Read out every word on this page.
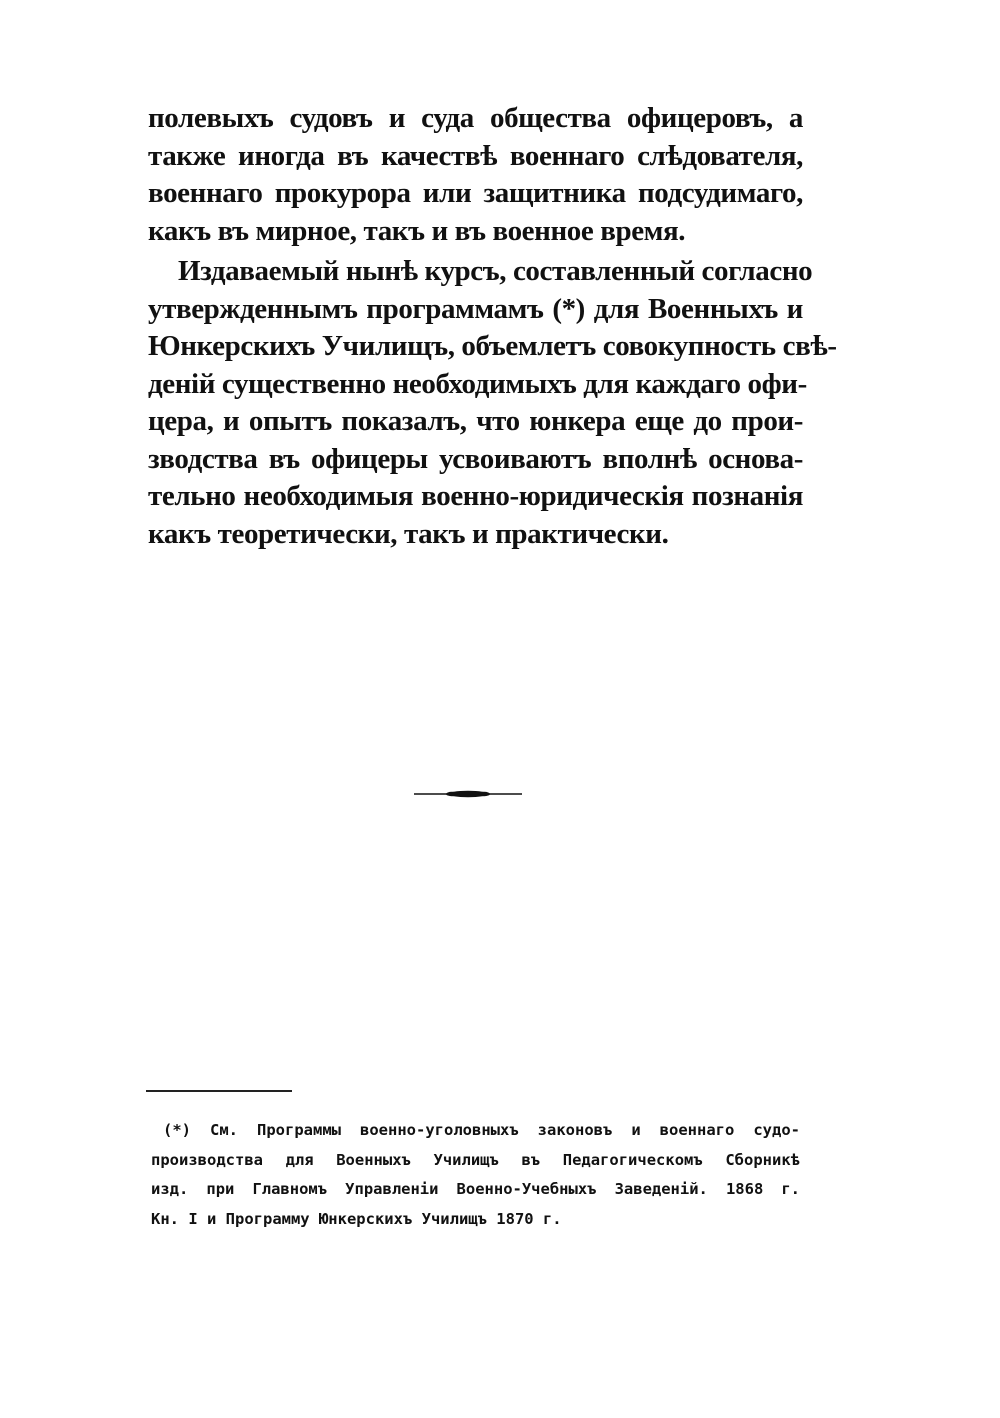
полевыхъ судовъ и суда общества офицеровъ, а
также иногда въ качествѣ военнаго слѣдователя,
военнаго прокурора или защитника подсудимаго,
какъ въ мирное, такъ и въ военное время.
Издаваемый нынѣ курсъ, составленный согласно
утвержденнымъ программамъ (*) для Военныхъ и
Юнкерскихъ Училищъ, объемлетъ совокупность свѣ-
деній существенно необходимыхъ для каждаго офи-
цера, и опытъ показалъ, что юнкера еще до прои-
зводства въ офицеры усвоиваютъ вполнѣ основа-
тельно необходимыя военно-юридическія познанія
какъ теоретически, такъ и практически.
(*) См. Программы военно-уголовныхъ законовъ и военнаго судо-
производства для Военныхъ Училищъ въ Педагогическомъ Сборникѣ
изд. при Главномъ Управленіи Военно-Учебныхъ Заведеній. 1868 г.
Кн. I и Программу Юнкерскихъ Училищъ 1870 г.
